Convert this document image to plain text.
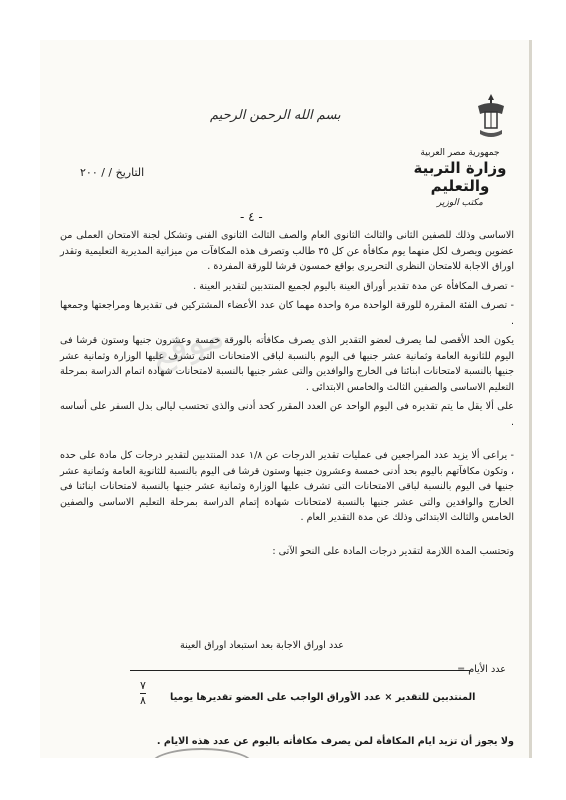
موقع
بسم الله الرحمن الرحيم
جمهورية مصر العربية
وزارة التربية والتعليم
مكتب الوزير
التاريخ / / ٢٠٠
- ٤ -

الاساسى وذلك للصفين الثانى والثالث الثانوى العام والصف الثالث الثانوى الفنى وتشكل لجنة الامتحان العملى من عضوين ويصرف لكل منهما يوم مكافأة عن كل ٣٥ طالب وتصرف هذه المكافآت من ميزانية المديرية التعليمية وتقدر اوراق الاجابة للامتحان النظرى التحريرى بواقع خمسون قرشا للورقة المفردة .

- تصرف المكافأة عن مدة تقدير أوراق العينة باليوم لجميع المنتدبين لتقدير العينة .

- تصرف الفئة المقررة للورقة الواحدة مرة واحدة مهما كان عدد الأعضاء المشتركين فى تقديرها ومراجعتها وجمعها .

يكون الحد الأقصى لما يصرف لعضو التقدير الذى يصرف مكافأته بالورقة خمسة وعشرون جنيها وستون قرشا فى اليوم للثانوية العامة وثمانية عشر جنيها فى اليوم بالنسبة لباقى الامتحانات التى تشرف عليها الوزارة وثمانية عشر جنيها بالنسبة لامتحانات ابنائنا فى الخارج والوافدين والتى عشر جنيها بالنسبة لامتحانات شهادة اتمام الدراسة بمرحلة التعليم الاساسى والصفين الثالث والخامس الابتدائى .

على ألا يقل ما يتم تقديره فى اليوم الواحد عن العدد المقرر كحد أدنى والذى تحتسب ليالى بدل السفر على أساسه .

- يراعى ألا يزيد عدد المراجعين فى عمليات تقدير الدرجات عن ١/٨ عدد المنتدبين لتقدير درجات كل مادة على حده ، وتكون مكافآتهم باليوم بحد أدنى خمسة وعشرون جنيها وستون قرشا فى اليوم بالنسبة للثانوية العامة وثمانية عشر جنيها فى اليوم بالنسبة لباقى الامتحانات التى تشرف عليها الوزارة وثمانية عشر جنيها بالنسبة لامتحانات ابنائنا فى الخارج والوافدين والتى عشر جنيها بالنسبة لامتحانات شهادة إتمام الدراسة بمرحلة التعليم الاساسى والصفين الخامس والثالث الابتدائى وذلك عن مدة التقدير العام .

وتحتسب المدة اللازمة لتقدير درجات المادة على النحو الآتى :

عدد اوراق الاجابة بعد استبعاد اوراق العينة
عدد الأيام =
٧
٨	المنتدبين للتقدير × عدد الأوراق الواجب على العضو تقديرها يوميا
ولا يجوز أن تزيد ايام المكافأة لمن يصرف مكافأته باليوم عن عدد هذه الايام .
